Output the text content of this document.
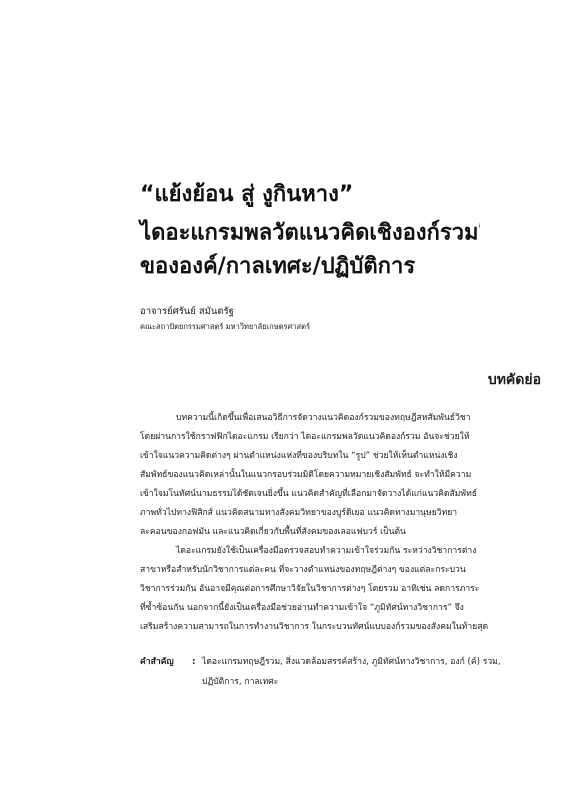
“แย้งย้อน สู่ งูกินหาง”
ไดอะแกรมพลวัตแนวคิดเชิงองก์รวม$^{^i}$
ขององค์/กาลเทศะ/ปฏิบัติการ
อาจารย์ศรันย์ สมันตรัฐ
คณะสถาปัตยกรรมศาสตร์ มหาวิทยาลัยเกษตรศาสตร์
บทคัดย่อ
บทความนี้เกิดขึ้นเพื่อเสนอวิธีการจัดวางแนวคิดองก์รวมของทฤษฎีสหสัมพันธ์วิชา
โดยผ่านการใช้กราฟฟิกไดอะแกรม เรียกว่า ไดอะแกรมพลวัตแนวคิดองก์รวม อันจะช่วยให้
เข้าใจแนวความคิดต่างๆ ผ่านตำแหน่งแห่งที่ของบริบทใน “รูป” ช่วยให้เห็นตำแหน่งเชิง
สัมพัทธ์ของแนวคิดเหล่านั้นในแนวกรอบร่วมมิติโดยความหมายเชิงสัมพัทธ์ จะทำให้มีความ
เข้าใจมโนทัศน์นามธรรมได้ชัดเจนยิ่งขึ้น แนวคิดสำคัญที่เลือกมาจัดวางได้แก่แนวคิดสัมพัทธ์
ภาพทั่วไปทางฟิสิกส์ แนวคิดสนามทางสังคมวิทยาของบูร์ดิเยอ แนวคิดทางมานุษยวิทยา
ละคอนของกอฟมัน และแนวคิดเกี่ยวกับพื้นที่สังคมของเลอแฟบวร์ เป็นต้น
ไดอะแกรมยังใช้เป็นเครื่องมือตรวจสอบทำความเข้าใจร่วมกัน ระหว่างวิชาการต่าง
สาขาหรือสำหรับนักวิชาการแต่ละคน ที่จะวางตำแหน่งของทฤษฎีต่างๆ ของแต่ละกระบวน
วิชาการร่วมกัน อันอาจมีคุณต่อการศึกษาวิจัยในวิชาการต่างๆ โดยรวม อาทิเช่น ลดการภาระ
ที่ซ้ำซ้อนกัน นอกจากนี้ยังเป็นเครื่องมือช่วยอ่านทำความเข้าใจ “ภูมิทัศน์ทางวิชาการ” จึง
เสริมสร้างความสามารถในการทำงานวิชาการ ในกระบวนทัศน์แบบองก์รวมของสังคมในท้ายสุด
คำสำคัญ : ไดอะแกรมทฤษฎีรวม, สิ่งแวดล้อมสรรค์สร้าง, ภูมิทัศน์ทางวิชาการ, องก์ (ค์) รวม,
ปฏิบัติการ, กาลเทศะ
